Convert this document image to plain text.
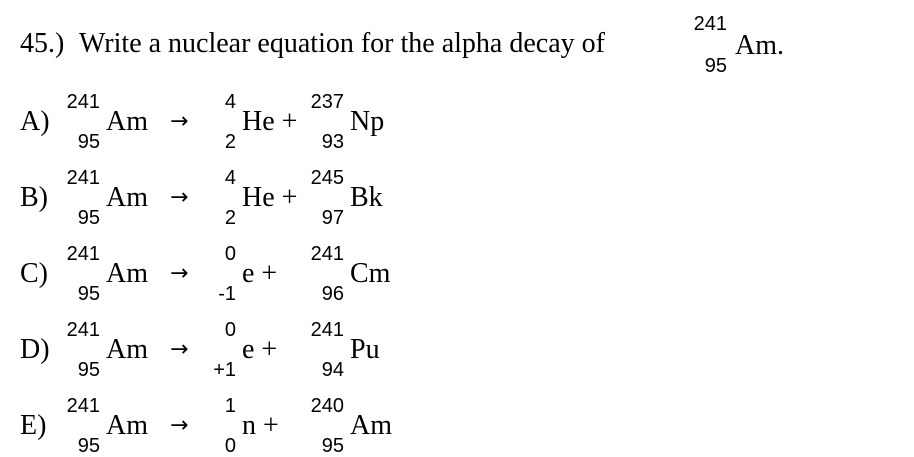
45.) Write a nuclear equation for the alpha decay of
241
95
Am.
A)
241
95
Am →
4
2
He +
237
93
Np
B)
241
95
Am →
4
2
He +
245
97
Bk
C)
241
95
Am →
0
-1
e +
241
96
Cm
D)
241
95
Am →
0
+1
e +
241
94
Pu
E)
241
95
Am →
1
0
n +
240
95
Am
